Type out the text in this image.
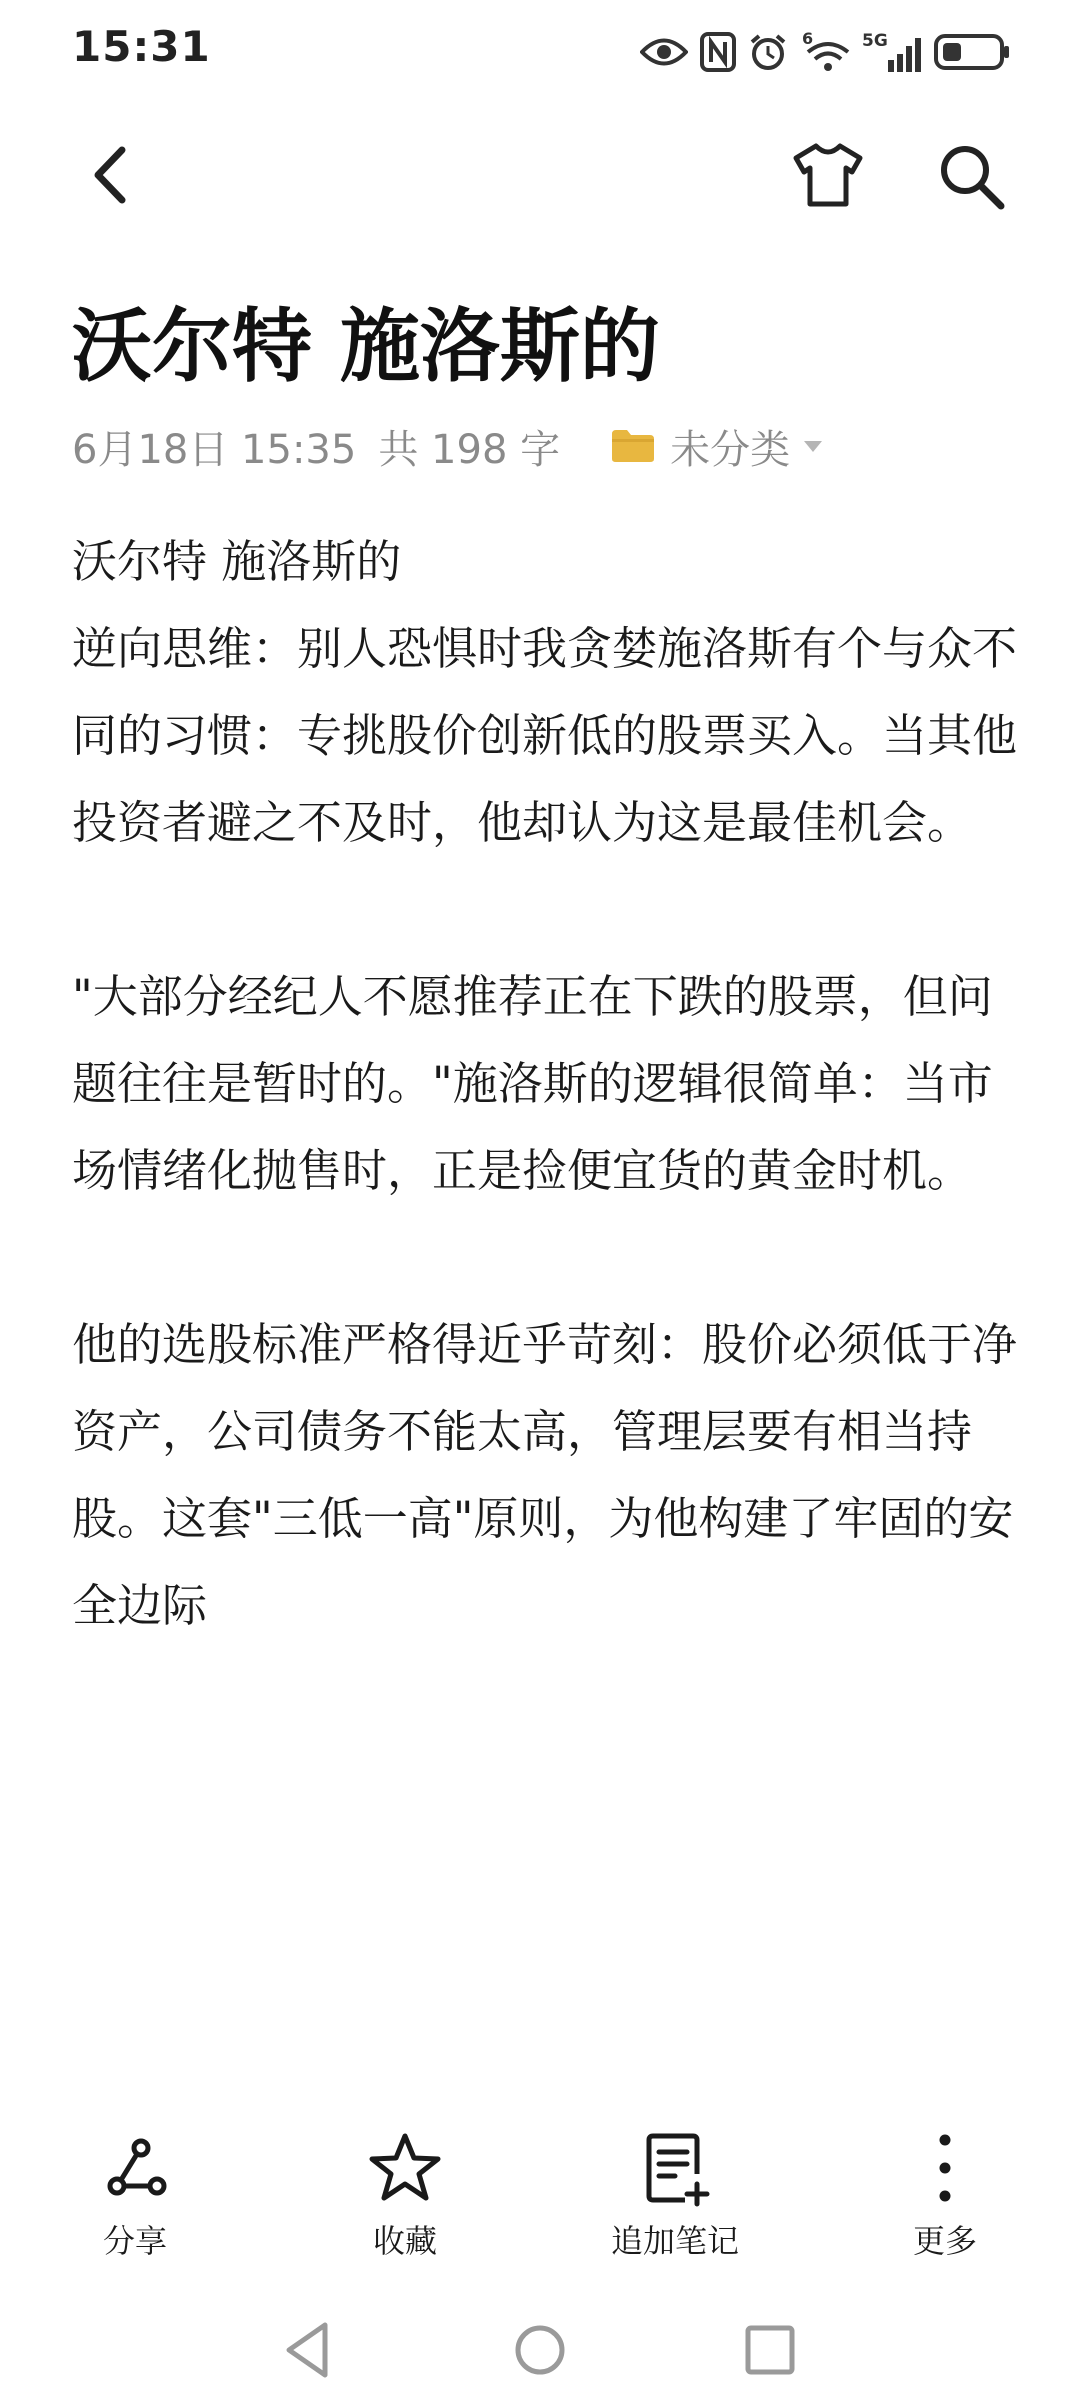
15:31	6	5G
沃尔特 施洛斯的
6月18日 15:35 共 198 字	未分类

沃尔特 施洛斯的
逆向思维：别人恐惧时我贪婪施洛斯有个与众不同的习惯：专挑股价创新低的股票买入。当其他投资者避之不及时，他却认为这是最佳机会。

"大部分经纪人不愿推荐正在下跌的股票，但问题往往是暂时的。"施洛斯的逻辑很简单：当市场情绪化抛售时，正是捡便宜货的黄金时机。

他的选股标准严格得近乎苛刻：股价必须低于净资产，公司债务不能太高，管理层要有相当持股。这套"三低一高"原则，为他构建了牢固的安全边际

分享	收藏	追加笔记	更多
